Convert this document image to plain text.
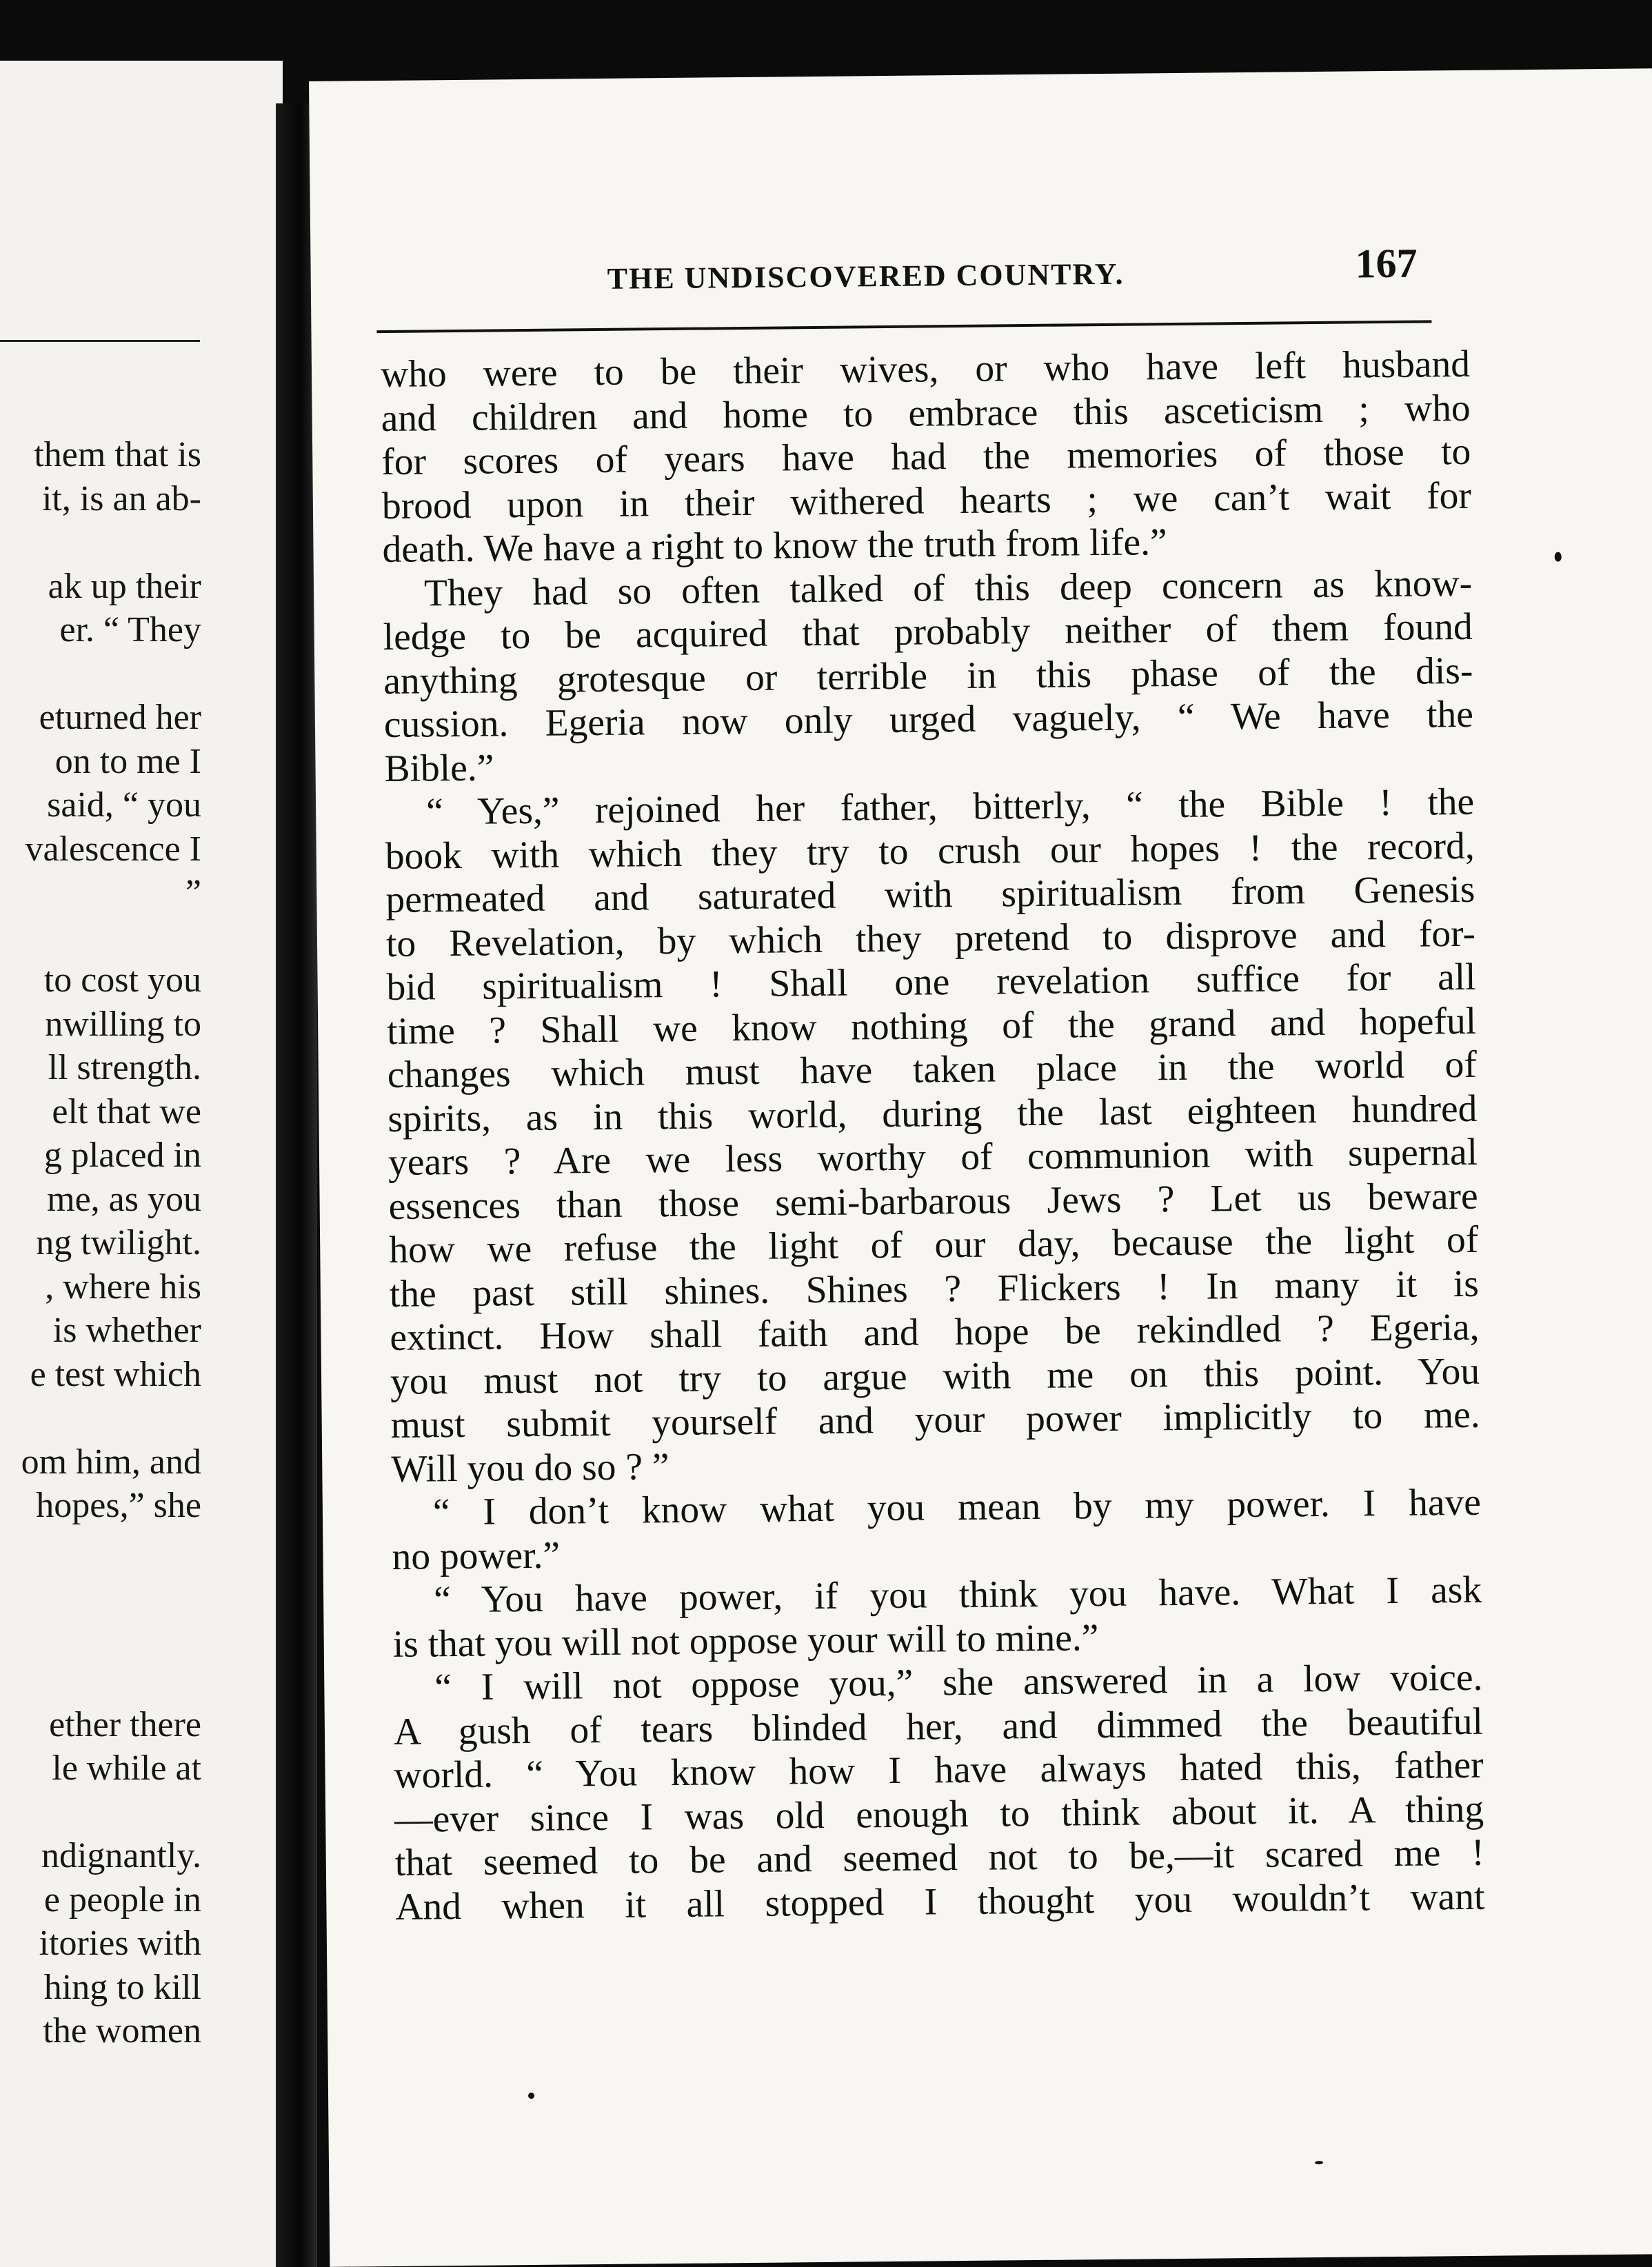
them that is
it, is an ab-
ak up their
er. “ They
eturned her
on to me I
said, “ you
valescence I
”
to cost you
nwilling to
ll strength.
elt that we
g placed in
me, as you
ng twilight.
, where his
is whether
e test which
om him, and
hopes,” she
ether there
le while at
ndignantly.
e people in
itories with
hing to kill
the women
THE UNDISCOVERED COUNTRY.	167
who were to be their wives, or who have left husband
and children and home to embrace this asceticism ; who
for scores of years have had the memories of those to
brood upon in their withered hearts ; we can’t wait for
death. We have a right to know the truth from life.”
They had so often talked of this deep concern as know-
ledge to be acquired that probably neither of them found
anything grotesque or terrible in this phase of the dis-
cussion. Egeria now only urged vaguely, “ We have the
Bible.”
“ Yes,” rejoined her father, bitterly, “ the Bible ! the
book with which they try to crush our hopes ! the record,
permeated and saturated with spiritualism from Genesis
to Revelation, by which they pretend to disprove and for-
bid spiritualism ! Shall one revelation suffice for all
time ? Shall we know nothing of the grand and hopeful
changes which must have taken place in the world of
spirits, as in this world, during the last eighteen hundred
years ? Are we less worthy of communion with supernal
essences than those semi-barbarous Jews ? Let us beware
how we refuse the light of our day, because the light of
the past still shines. Shines ? Flickers ! In many it is
extinct. How shall faith and hope be rekindled ? Egeria,
you must not try to argue with me on this point. You
must submit yourself and your power implicitly to me.
Will you do so ? ”
“ I don’t know what you mean by my power. I have
no power.”
“ You have power, if you think you have. What I ask
is that you will not oppose your will to mine.”
“ I will not oppose you,” she answered in a low voice.
A gush of tears blinded her, and dimmed the beautiful
world. “ You know how I have always hated this, father
—ever since I was old enough to think about it. A thing
that seemed to be and seemed not to be,—it scared me !
And when it all stopped I thought you wouldn’t want
